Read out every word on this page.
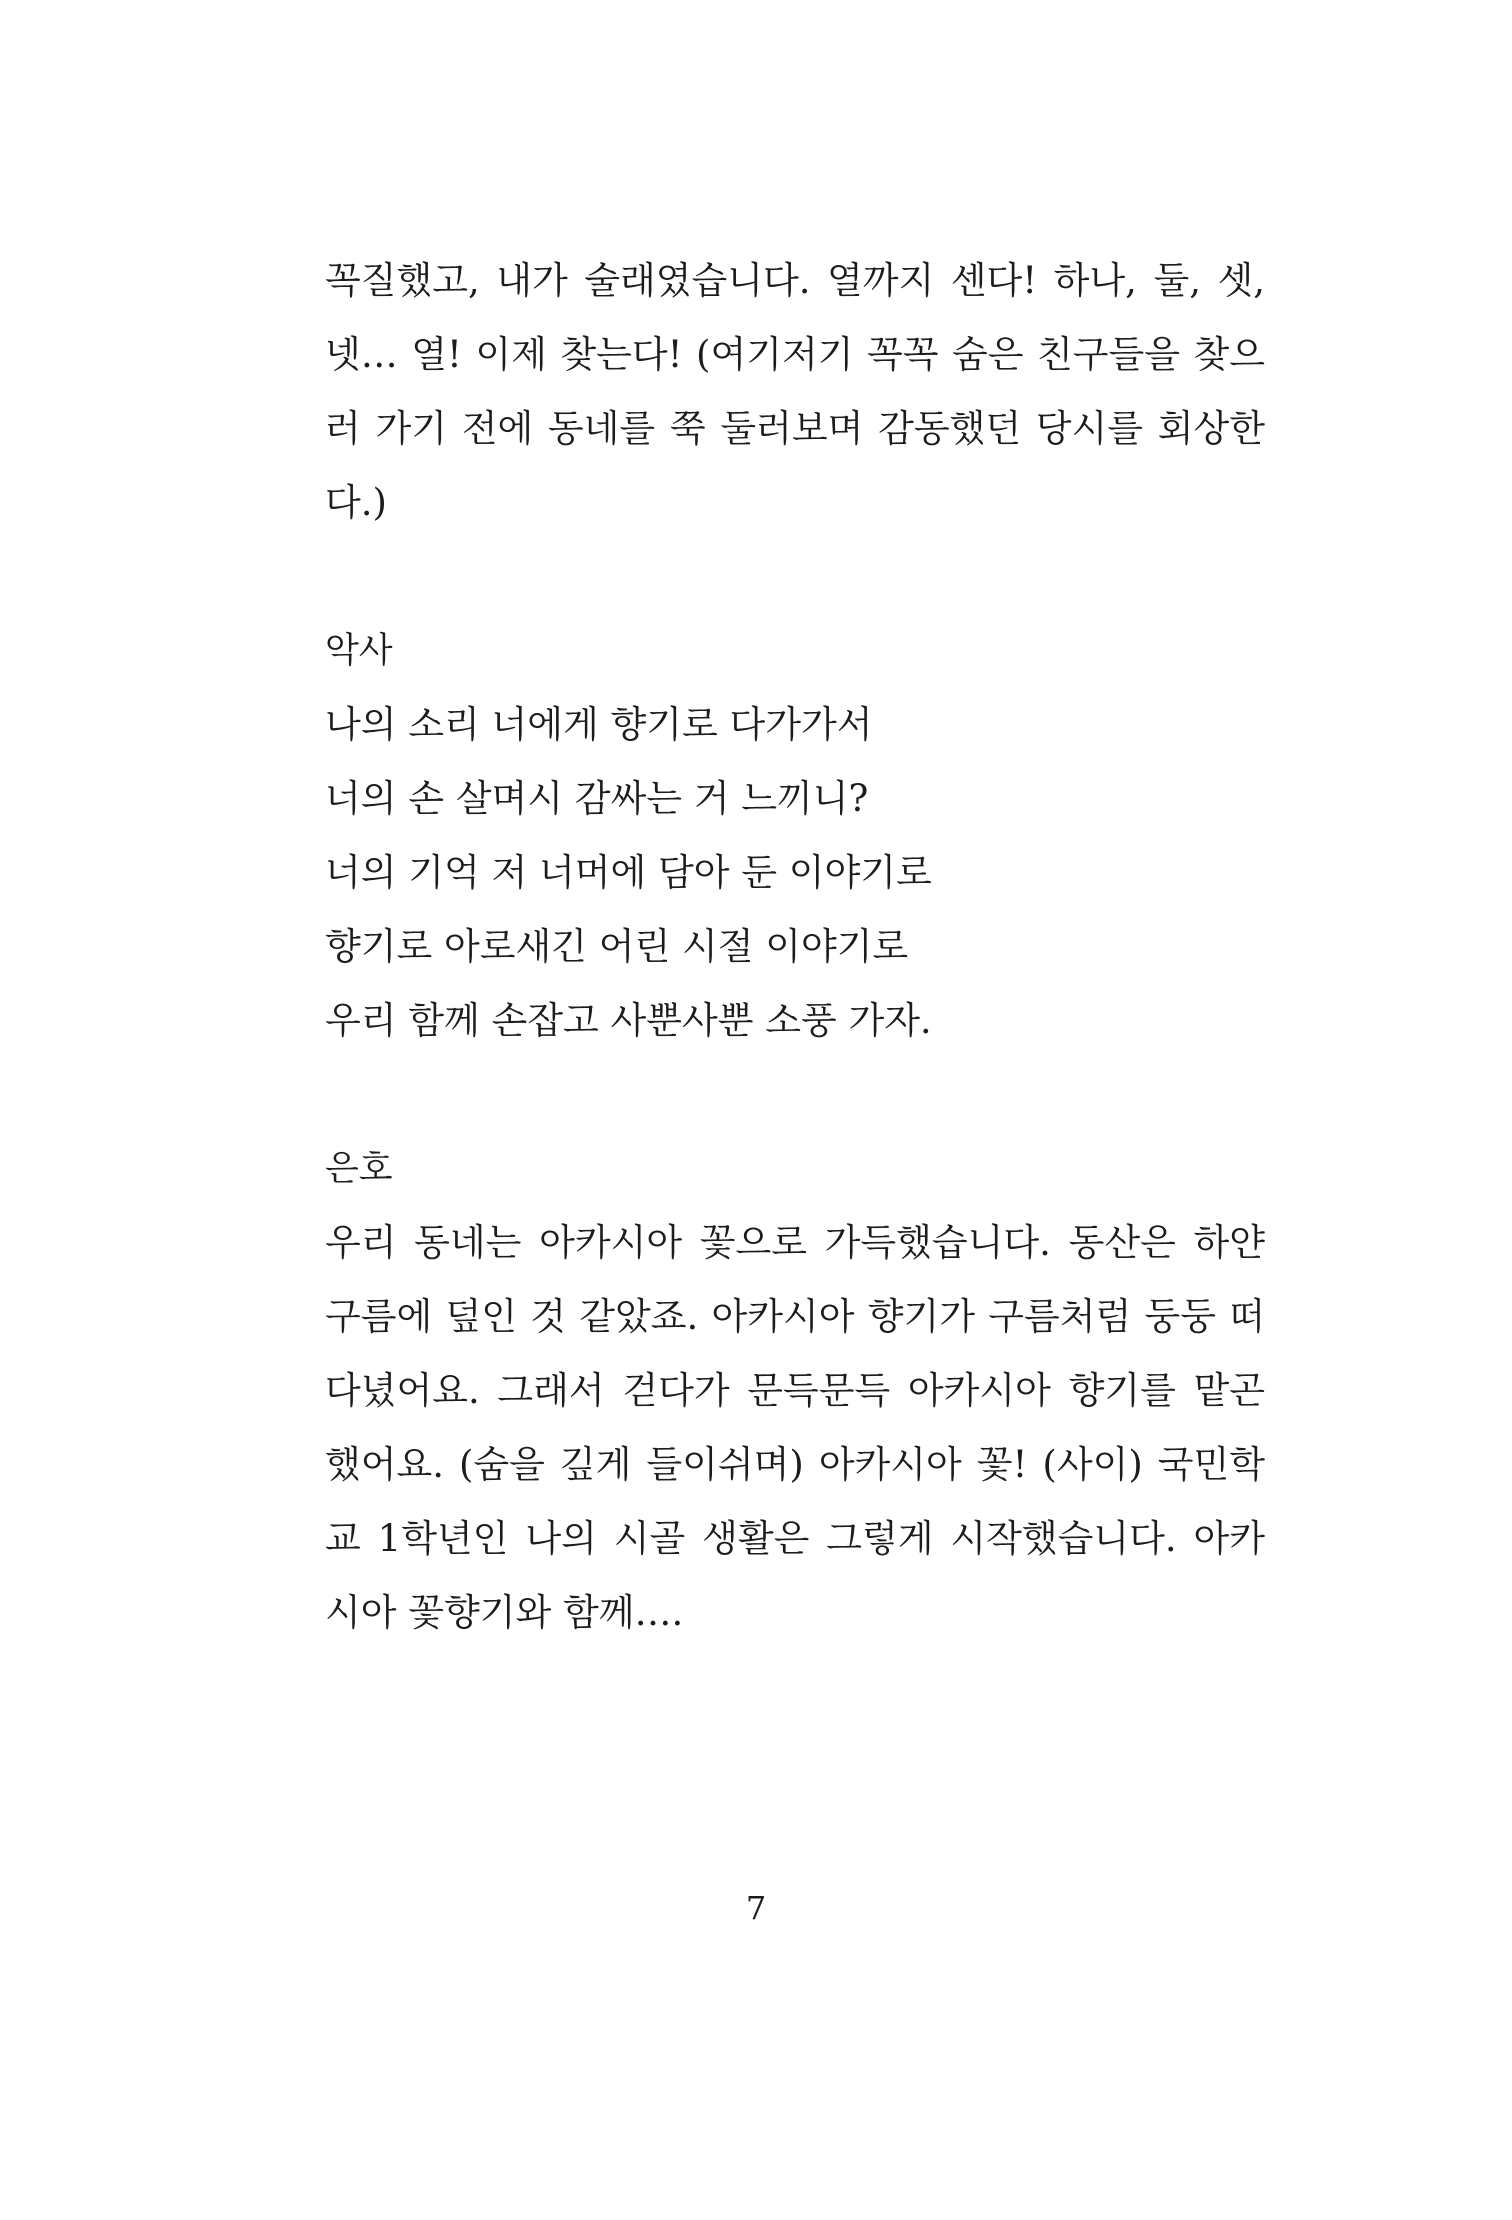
꼭질했고, 내가 술래였습니다. 열까지 센다! 하나, 둘, 셋,
넷… 열! 이제 찾는다! (여기저기 꼭꼭 숨은 친구들을 찾으
러 가기 전에 동네를 쭉 둘러보며 감동했던 당시를 회상한
다.)
악사
나의 소리 너에게 향기로 다가가서
너의 손 살며시 감싸는 거 느끼니?
너의 기억 저 너머에 담아 둔 이야기로
향기로 아로새긴 어린 시절 이야기로
우리 함께 손잡고 사뿐사뿐 소풍 가자.
은호
우리 동네는 아카시아 꽃으로 가득했습니다. 동산은 하얀
구름에 덮인 것 같았죠. 아카시아 향기가 구름처럼 둥둥 떠
다녔어요. 그래서 걷다가 문득문득 아카시아 향기를 맡곤
했어요. (숨을 깊게 들이쉬며) 아카시아 꽃! (사이) 국민학
교 1학년인 나의 시골 생활은 그렇게 시작했습니다. 아카
시아 꽃향기와 함께….
7
